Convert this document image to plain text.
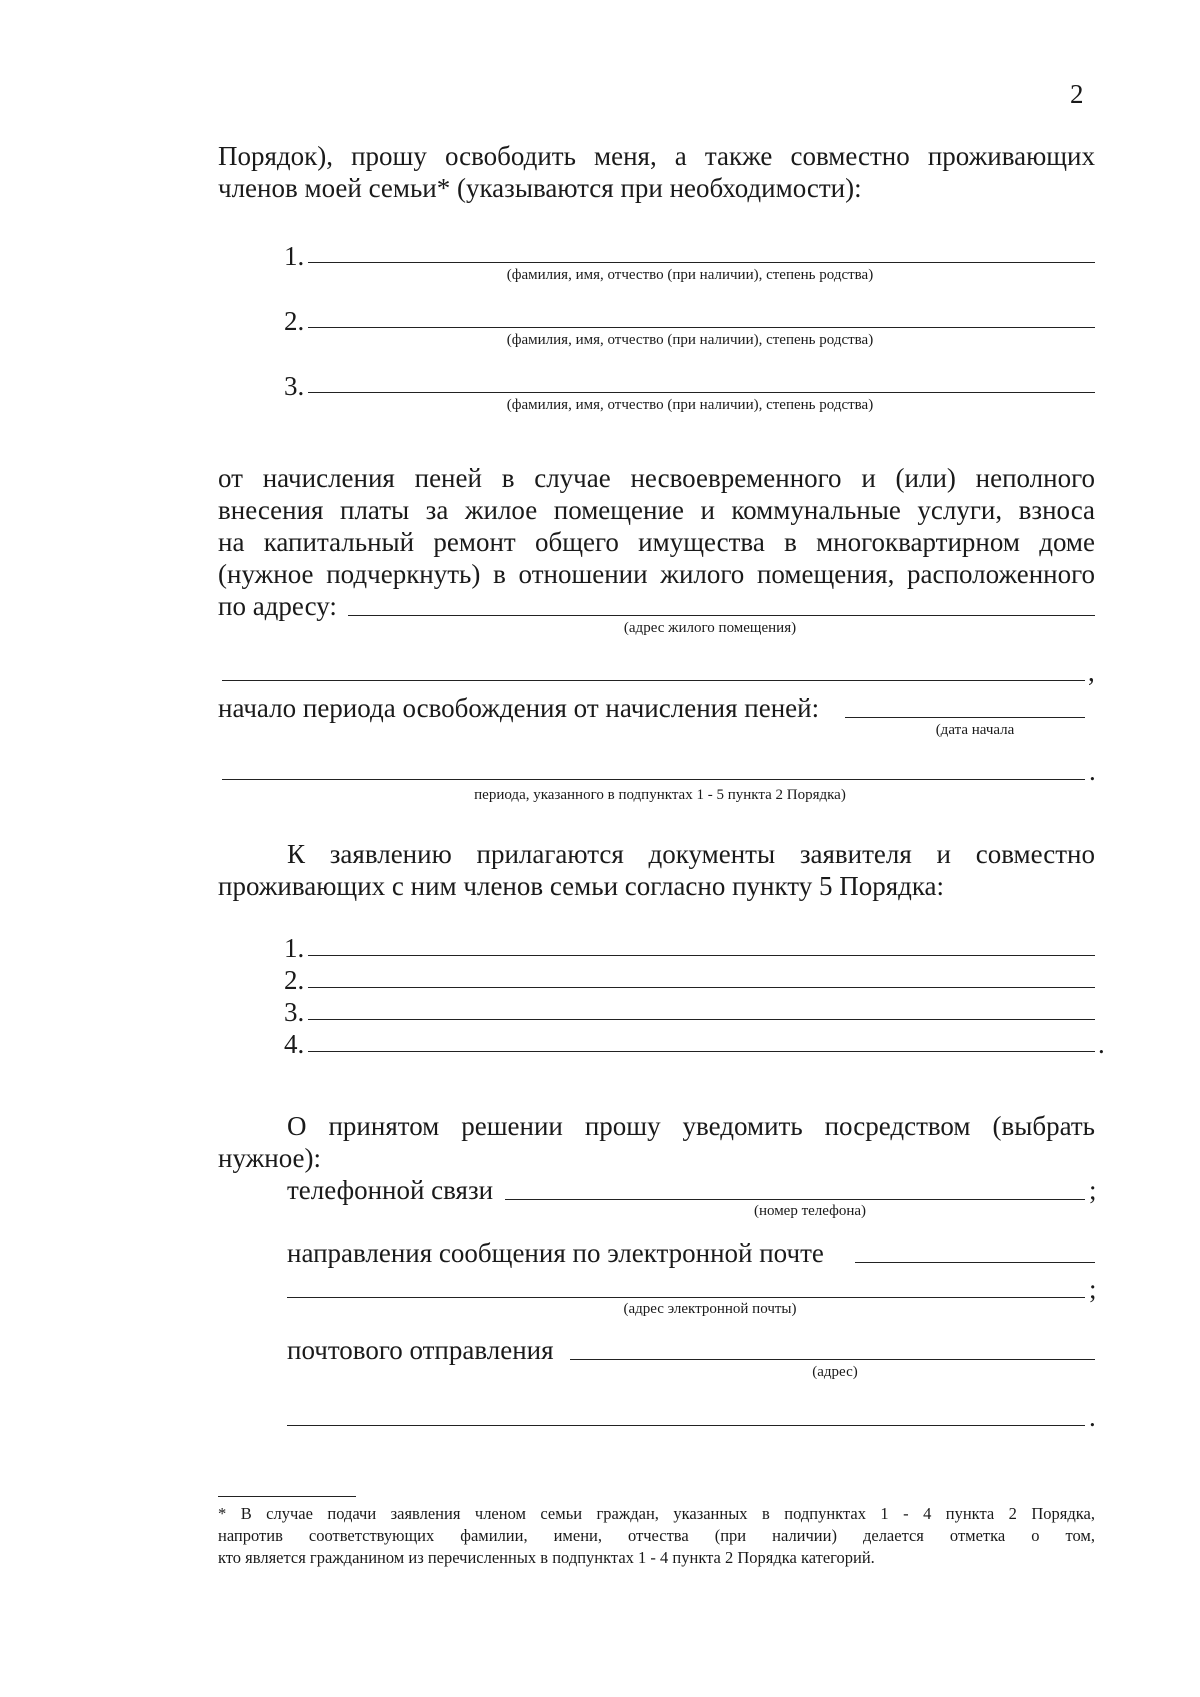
2
Порядок), прошу освободить меня, а также совместно проживающих
членов моей семьи* (указываются при необходимости):
1.
(фамилия, имя, отчество (при наличии), степень родства)
2.
(фамилия, имя, отчество (при наличии), степень родства)
3.
(фамилия, имя, отчество (при наличии), степень родства)
от начисления пеней в случае несвоевременного и (или) неполного
внесения платы за жилое помещение и коммунальные услуги, взноса
на капитальный ремонт общего имущества в многоквартирном доме
(нужное подчеркнуть) в отношении жилого помещения, расположенного
по адресу:
(адрес жилого помещения)
,
начало периода освобождения от начисления пеней:
(дата начала
.
периода, указанного в подпунктах 1 - 5 пункта 2 Порядка)
К заявлению прилагаются документы заявителя и совместно
проживающих с ним членов семьи согласно пункту 5 Порядка:
1.
2.
3.
4.	.
О принятом решении прошу уведомить посредством (выбрать
нужное):
телефонной связи	;
(номер телефона)
направления сообщения по электронной почте
;
(адрес электронной почты)
почтового отправления
(адрес)
.
* В случае подачи заявления членом семьи граждан, указанных в подпунктах 1 - 4 пункта 2 Порядка,
напротив соответствующих фамилии, имени, отчества (при наличии) делается отметка о том,
кто является гражданином из перечисленных в подпунктах 1 - 4 пункта 2 Порядка категорий.
